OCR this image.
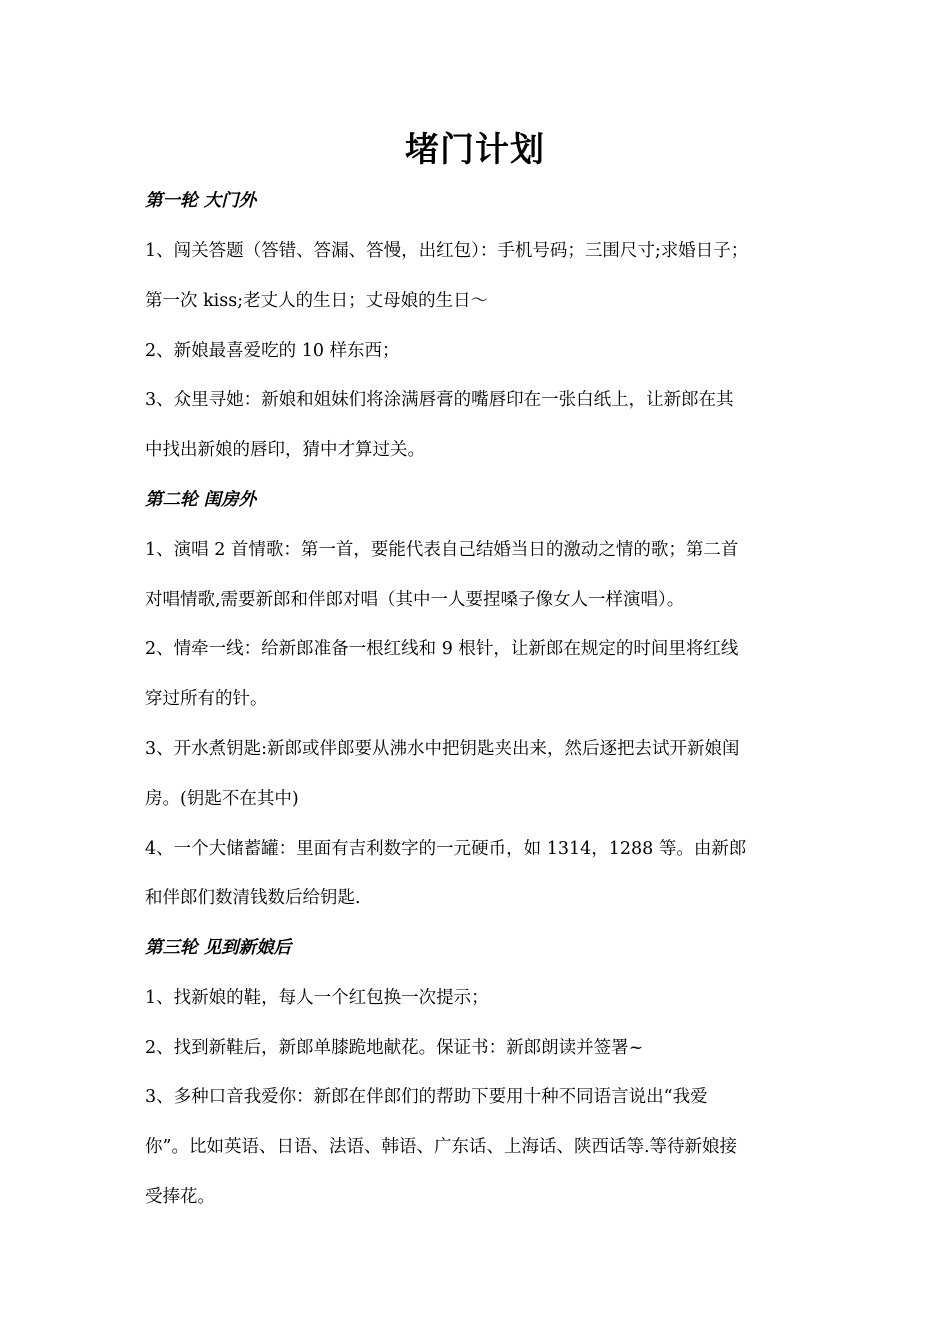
堵门计划
第一轮 大门外
1、闯关答题（答错、答漏、答慢，出红包）：手机号码；三围尺寸;求婚日子；
第一次 kiss;老丈人的生日；丈母娘的生日～
2、新娘最喜爱吃的 10 样东西；
3、众里寻她：新娘和姐妹们将涂满唇膏的嘴唇印在一张白纸上，让新郎在其
中找出新娘的唇印，猜中才算过关。
第二轮 闺房外
1、演唱 2 首情歌：第一首，要能代表自己结婚当日的激动之情的歌；第二首
对唱情歌,需要新郎和伴郎对唱（其中一人要捏嗓子像女人一样演唱）。
2、情牵一线：给新郎准备一根红线和 9 根针，让新郎在规定的时间里将红线
穿过所有的针。
3、开水煮钥匙:新郎或伴郎要从沸水中把钥匙夹出来，然后逐把去试开新娘闺
房。(钥匙不在其中)
4、一个大储蓄罐：里面有吉利数字的一元硬币，如 1314，1288 等。由新郎
和伴郎们数清钱数后给钥匙.
第三轮 见到新娘后
1、找新娘的鞋，每人一个红包换一次提示；
2、找到新鞋后，新郎单膝跪地献花。保证书：新郎朗读并签署~
3、多种口音我爱你：新郎在伴郎们的帮助下要用十种不同语言说出“我爱
你”。比如英语、日语、法语、韩语、广东话、上海话、陕西话等.等待新娘接
受捧花。
